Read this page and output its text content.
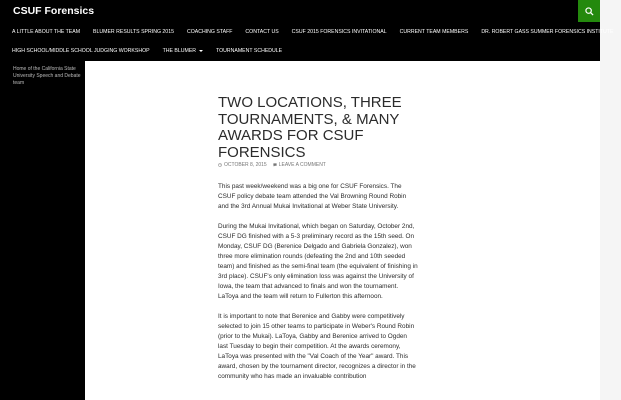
CSUF Forensics
A LITTLE ABOUT THE TEAM	BLUMER RESULTS SPRING 2015	COACHING STAFF	CONTACT US	CSUF 2015 FORENSICS INVITATIONAL	CURRENT TEAM MEMBERS	DR. ROBERT GASS SUMMER FORENSICS INSTITUTE
HIGH SCHOOL/MIDDLE SCHOOL JUDGING WORKSHOP	THE BLUMER	TOURNAMENT SCHEDULE
Home of the California State University Speech and Debate team
TWO LOCATIONS, THREE TOURNAMENTS, & MANY AWARDS FOR CSUF FORENSICS
OCTOBER 8, 2015 LEAVE A COMMENT

This past week/weekend was a big one for CSUF Forensics. The CSUF policy debate team attended the Val Browning Round Robin and the 3rd Annual Mukai Invitational at Weber State University.

During the Mukai Invitational, which began on Saturday, October 2nd, CSUF DG finished with a 5-3 preliminary record as the 15th seed. On Monday, CSUF DG (Berenice Delgado and Gabriela Gonzalez), won three more elimination rounds (defeating the 2nd and 10th seeded team) and finished as the semi-final team (the equivalent of finishing in 3rd place). CSUF's only elimination loss was against the University of Iowa, the team that advanced to finals and won the tournament. LaToya and the team will return to Fullerton this afternoon.

It is important to note that Berenice and Gabby were competitively selected to join 15 other teams to participate in Weber's Round Robin (prior to the Mukai). LaToya, Gabby and Berenice arrived to Ogden last Tuesday to begin their competition. At the awards ceremony, LaToya was presented with the "Val Coach of the Year" award. This award, chosen by the tournament director, recognizes a director in the community who has made an invaluable contribution
